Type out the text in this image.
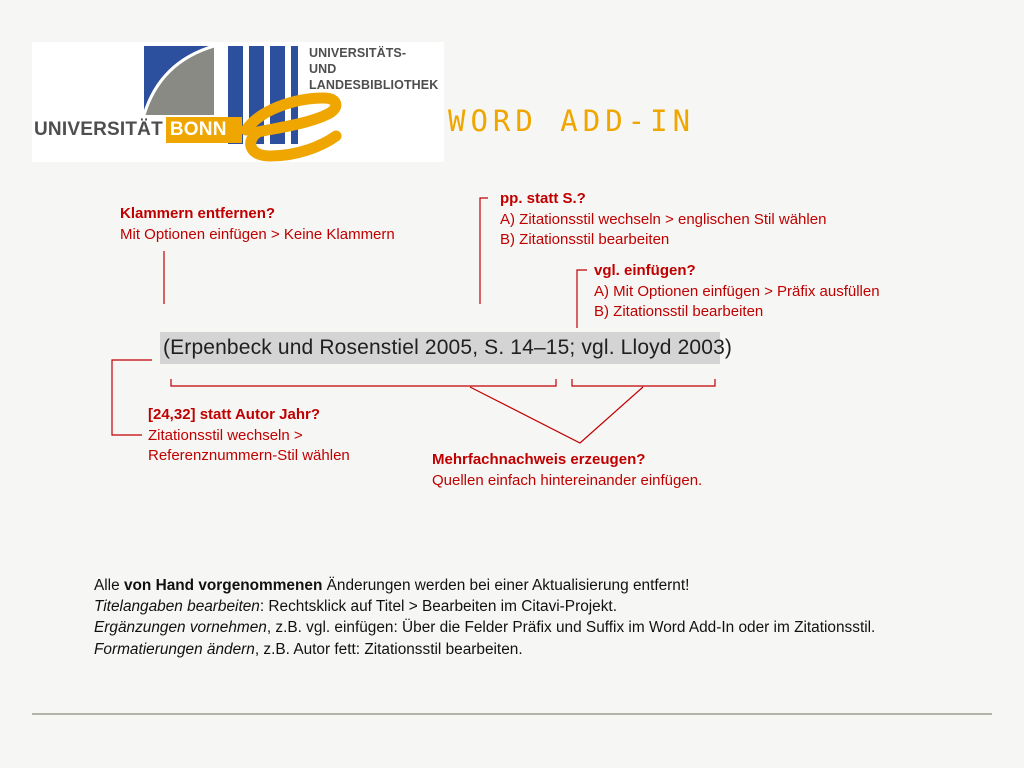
UNIVERSITÄT BONN
UNIVERSITÄTS-
UND LANDESBIBLIOTHEK
WORD ADD-IN
Klammern entfernen?
Mit Optionen einfügen > Keine Klammern
pp. statt S.?
A) Zitationsstil wechseln > englischen Stil wählen
B) Zitationsstil bearbeiten
vgl. einfügen?
A) Mit Optionen einfügen > Präfix ausfüllen
B) Zitationsstil bearbeiten
(Erpenbeck und Rosenstiel 2005, S. 14–15; vgl. Lloyd 2003)
[24,32] statt Autor Jahr?
Zitationsstil wechseln >
Referenznummern-Stil wählen	Mehrfachnachweis erzeugen?
Quellen einfach hintereinander einfügen.
Alle von Hand vorgenommenen Änderungen werden bei einer Aktualisierung entfernt!
Titelangaben bearbeiten: Rechtsklick auf Titel > Bearbeiten im Citavi-Projekt.
Ergänzungen vornehmen, z.B. vgl. einfügen: Über die Felder Präfix und Suffix im Word Add-In oder im Zitationsstil.
Formatierungen ändern, z.B. Autor fett: Zitationsstil bearbeiten.
